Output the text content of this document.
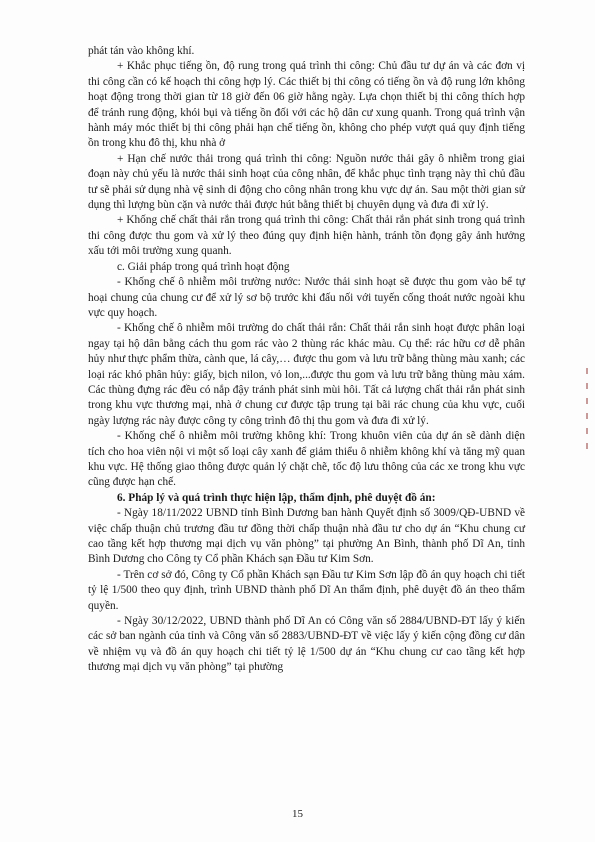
phát tán vào không khí.

+ Khắc phục tiếng ồn, độ rung trong quá trình thi công: Chủ đầu tư dự án và các đơn vị thi công cần có kế hoạch thi công hợp lý. Các thiết bị thi công có tiếng ồn và độ rung lớn không hoạt động trong thời gian từ 18 giờ đến 06 giờ hằng ngày. Lựa chọn thiết bị thi công thích hợp để tránh rung động, khói bụi và tiếng ồn đối với các hộ dân cư xung quanh. Trong quá trình vận hành máy móc thiết bị thi công phải hạn chế tiếng ồn, không cho phép vượt quá quy định tiếng ồn trong khu đô thị, khu nhà ở

+ Hạn chế nước thải trong quá trình thi công: Nguồn nước thải gây ô nhiễm trong giai đoạn này chủ yếu là nước thải sinh hoạt của công nhân, để khắc phục tình trạng này thì chủ đầu tư sẽ phải sử dụng nhà vệ sinh di động cho công nhân trong khu vực dự án. Sau một thời gian sử dụng thì lượng bùn cặn và nước thải được hút bằng thiết bị chuyên dụng và đưa đi xử lý.

+ Khống chế chất thải rắn trong quá trình thi công: Chất thải rắn phát sinh trong quá trình thi công được thu gom và xử lý theo đúng quy định hiện hành, tránh tồn đọng gây ảnh hưởng xấu tới môi trường xung quanh.

c. Giải pháp trong quá trình hoạt động

- Khống chế ô nhiễm môi trường nước: Nước thải sinh hoạt sẽ được thu gom vào bể tự hoại chung của chung cư để xử lý sơ bộ trước khi đấu nối với tuyến cống thoát nước ngoài khu vực quy hoạch.

- Khống chế ô nhiễm môi trường do chất thải rắn: Chất thải rắn sinh hoạt được phân loại ngay tại hộ dân bằng cách thu gom rác vào 2 thùng rác khác màu. Cụ thể: rác hữu cơ dễ phân hủy như thực phẩm thừa, cành que, lá cây,… được thu gom và lưu trữ bằng thùng màu xanh; các loại rác khó phân hủy: giấy, bịch nilon, vỏ lon,...được thu gom và lưu trữ bằng thùng màu xám. Các thùng đựng rác đều có nắp đậy tránh phát sinh mùi hôi. Tất cả lượng chất thải rắn phát sinh trong khu vực thương mại, nhà ở chung cư được tập trung tại bãi rác chung của khu vực, cuối ngày lượng rác này được công ty công trình đô thị thu gom và đưa đi xử lý.

- Khống chế ô nhiễm môi trường không khí: Trong khuôn viên của dự án sẽ dành diện tích cho hoa viên nội vi một số loại cây xanh để giảm thiểu ô nhiễm không khí và tăng mỹ quan khu vực. Hệ thống giao thông được quản lý chặt chẽ, tốc độ lưu thông của các xe trong khu vực cũng được hạn chế.

6. Pháp lý và quá trình thực hiện lập, thẩm định, phê duyệt đồ án:

- Ngày 18/11/2022 UBND tỉnh Bình Dương ban hành Quyết định số 3009/QĐ-UBND về việc chấp thuận chủ trương đầu tư đồng thời chấp thuận nhà đầu tư cho dự án “Khu chung cư cao tầng kết hợp thương mại dịch vụ văn phòng” tại phường An Bình, thành phố Dĩ An, tỉnh Bình Dương cho Công ty Cổ phần Khách sạn Đầu tư Kim Sơn.

- Trên cơ sở đó, Công ty Cổ phần Khách sạn Đầu tư Kim Sơn lập đồ án quy hoạch chi tiết tỷ lệ 1/500 theo quy định, trình UBND thành phố Dĩ An thẩm định, phê duyệt đồ án theo thẩm quyền.

- Ngày 30/12/2022, UBND thành phố Dĩ An có Công văn số 2884/UBND-ĐT lấy ý kiến các sở ban ngành của tỉnh và Công văn số 2883/UBND-ĐT về việc lấy ý kiến cộng đồng cư dân về nhiệm vụ và đồ án quy hoạch chi tiết tỷ lệ 1/500 dự án “Khu chung cư cao tầng kết hợp thương mại dịch vụ văn phòng” tại phường

15
